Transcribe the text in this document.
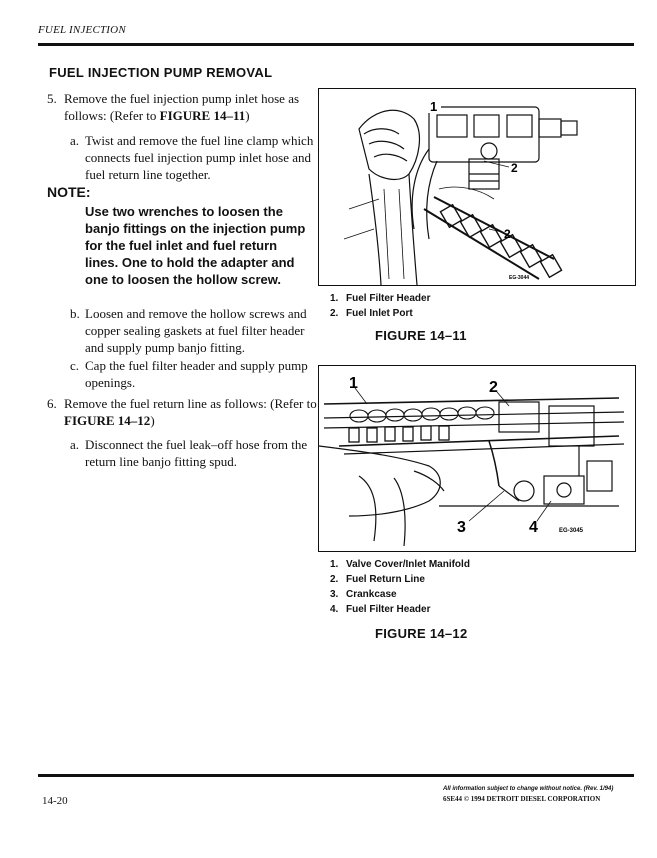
FUEL INJECTION
FUEL INJECTION PUMP REMOVAL
5. Remove the fuel injection pump inlet hose as follows: (Refer to FIGURE 14–11)
a. Twist and remove the fuel line clamp which connects fuel injection pump inlet hose and fuel return line together.
NOTE:
Use two wrenches to loosen the banjo fittings on the injection pump for the fuel inlet and fuel return lines. One to hold the adapter and one to loosen the hollow screw.
b. Loosen and remove the hollow screws and copper sealing gaskets at fuel filter header and supply pump banjo fitting.
c. Cap the fuel filter header and supply pump openings.
6. Remove the fuel return line as follows: (Refer to FIGURE 14–12)
a. Disconnect the fuel leak–off hose from the return line banjo fitting spud.
1
2
2
EG-3044
1. Fuel Filter Header
2. Fuel Inlet Port
FIGURE 14–11
1	2
3	4	EG-3045
1. Valve Cover/Inlet Manifold
2. Fuel Return Line
3. Crankcase
4. Fuel Filter Header
FIGURE 14–12
14-20
All information subject to change without notice. (Rev. 1/94)
6SE44 © 1994 DETROIT DIESEL CORPORATION
